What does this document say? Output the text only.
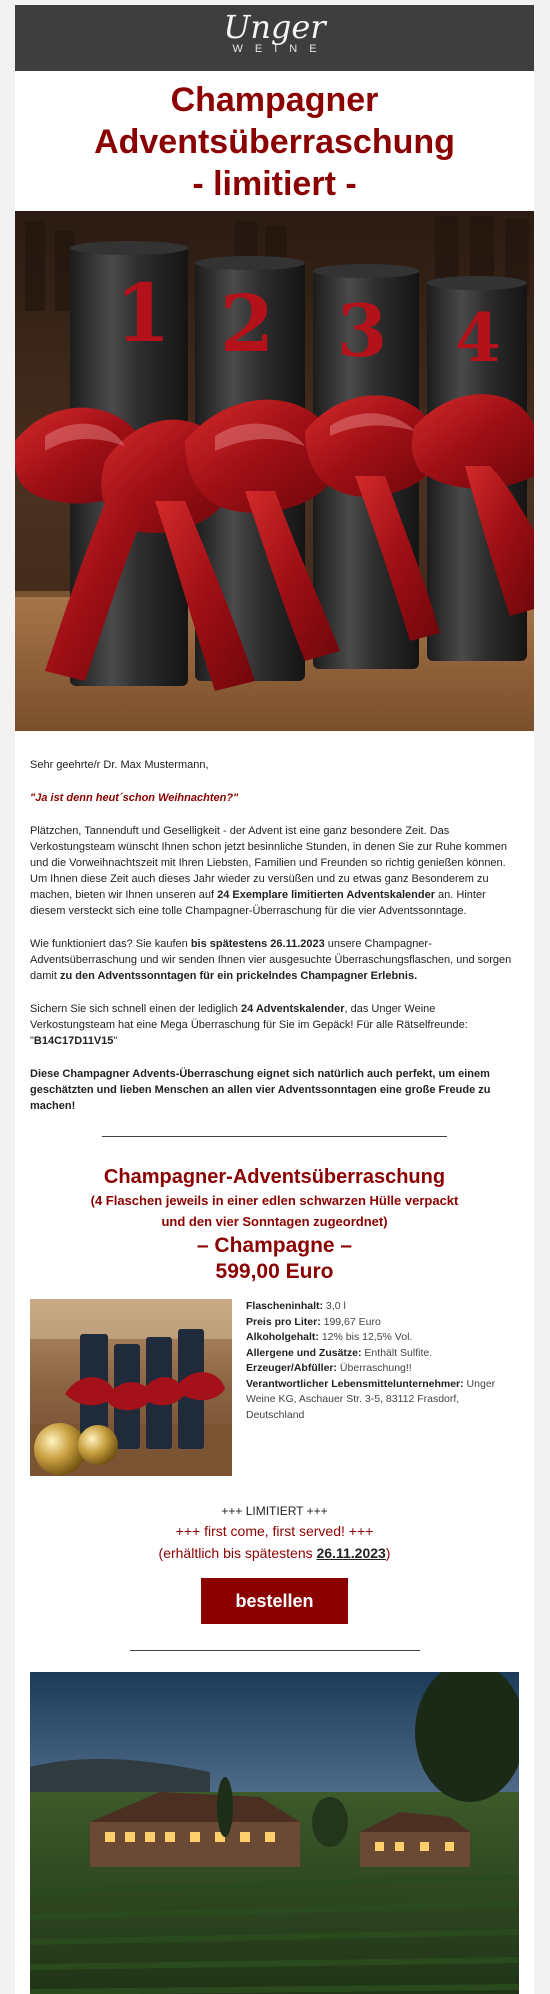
Unger
WEINE
Champagner
Adventsüberraschung
- limitiert -
1 2 3 4

Sehr geehrte/r Dr. Max Mustermann,

"Ja ist denn heut´schon Weihnachten?"

Plätzchen, Tannenduft und Geselligkeit - der Advent ist eine ganz besondere Zeit. Das Verkostungsteam wünscht Ihnen schon jetzt besinnliche Stunden, in denen Sie zur Ruhe kommen und die Vorweihnachtszeit mit Ihren Liebsten, Familien und Freunden so richtig genießen können. Um Ihnen diese Zeit auch dieses Jahr wieder zu versüßen und zu etwas ganz Besonderem zu machen, bieten wir Ihnen unseren auf 24 Exemplare limitierten Adventskalender an. Hinter diesem versteckt sich eine tolle Champagner-Überraschung für die vier Adventssonntage.

Wie funktioniert das? Sie kaufen bis spätestens 26.11.2023 unsere Champagner-Adventsüberraschung und wir senden Ihnen vier ausgesuchte Überraschungsflaschen, und sorgen damit zu den Adventssonntagen für ein prickelndes Champagner Erlebnis.

Sichern Sie sich schnell einen der lediglich 24 Adventskalender, das Unger Weine Verkostungsteam hat eine Mega Überraschung für Sie im Gepäck! Für alle Rätselfreunde: "B14C17D11V15"

Diese Champagner Advents-Überraschung eignet sich natürlich auch perfekt, um einem geschätzten und lieben Menschen an allen vier Adventssonntagen eine große Freude zu machen!

Champagner-Adventsüberraschung
(4 Flaschen jeweils in einer edlen schwarzen Hülle verpackt
und den vier Sonntagen zugeordnet)
– Champagne –
599,00 Euro
Flascheninhalt: 3,0 l
Preis pro Liter: 199,67 Euro
Alkoholgehalt: 12% bis 12,5% Vol.
Allergene und Zusätze: Enthält Sulfite.
Erzeuger/Abfüller: Überraschung!!
Verantwortlicher Lebensmittelunternehmer: Unger Weine KG, Aschauer Str. 3-5, 83112 Frasdorf, Deutschland
+++ LIMITIERT +++
+++ first come, first served! +++
(erhältlich bis spätestens 26.11.2023)
bestellen
